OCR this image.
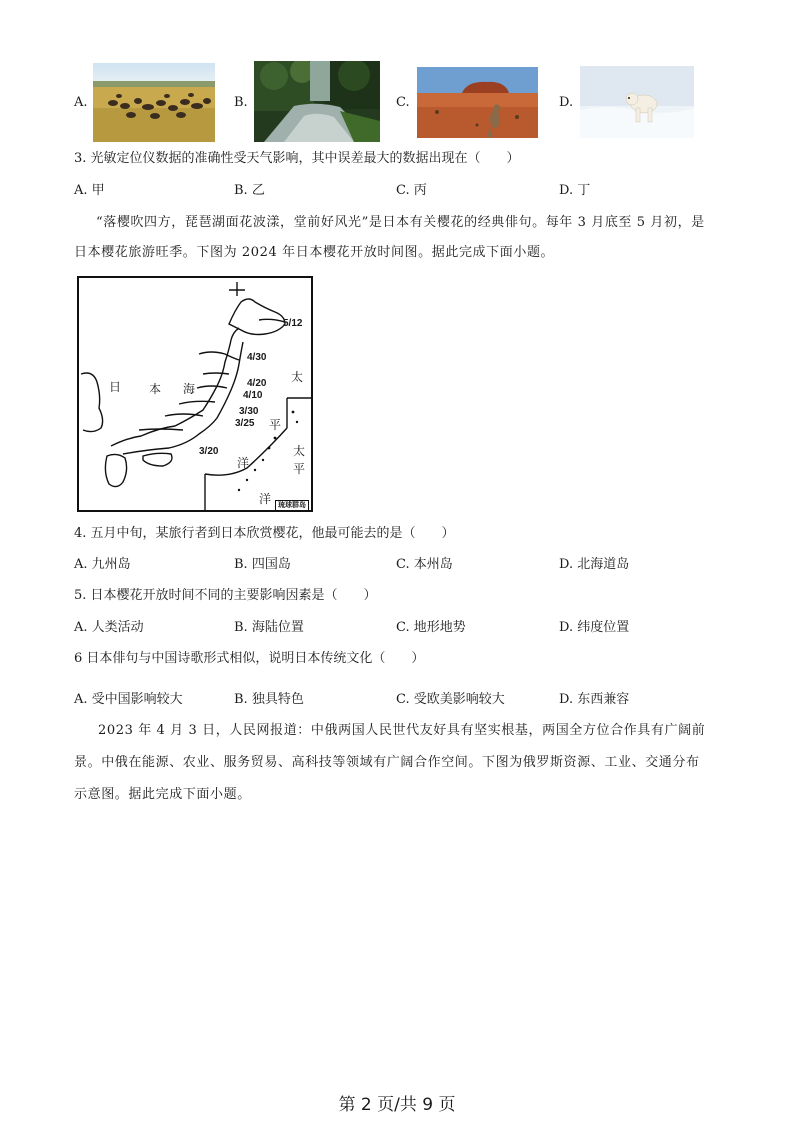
A.	B.	C.	D.
3. 光敏定位仪数据的准确性受天气影响，其中误差最大的数据出现在（　　）
A. 甲	B. 乙	C. 丙	D. 丁
“落樱吹四方，琵琶湖面花波漾，堂前好风光”是日本有关樱花的经典俳句。每年 3 月底至 5 月初，是
日本樱花旅游旺季。下图为 2024 年日本樱花开放时间图。据此完成下面小题。
日 本 海
太
平
太
平
洋
洋
5/12
4/30
4/20
4/10
3/30
3/25
3/20
琉球群岛
4. 五月中旬，某旅行者到日本欣赏樱花，他最可能去的是（　　）
A. 九州岛	B. 四国岛	C. 本州岛	D. 北海道岛
5. 日本樱花开放时间不同的主要影响因素是（　　）
A. 人类活动	B. 海陆位置	C. 地形地势	D. 纬度位置
6 日本俳句与中国诗歌形式相似，说明日本传统文化（　　）
A. 受中国影响较大	B. 独具特色	C. 受欧美影响较大	D. 东西兼容
2023 年 4 月 3 日，人民网报道：中俄两国人民世代友好具有坚实根基，两国全方位合作具有广阔前
景。中俄在能源、农业、服务贸易、高科技等领域有广阔合作空间。下图为俄罗斯资源、工业、交通分布
示意图。据此完成下面小题。
第 2 页/共 9 页
